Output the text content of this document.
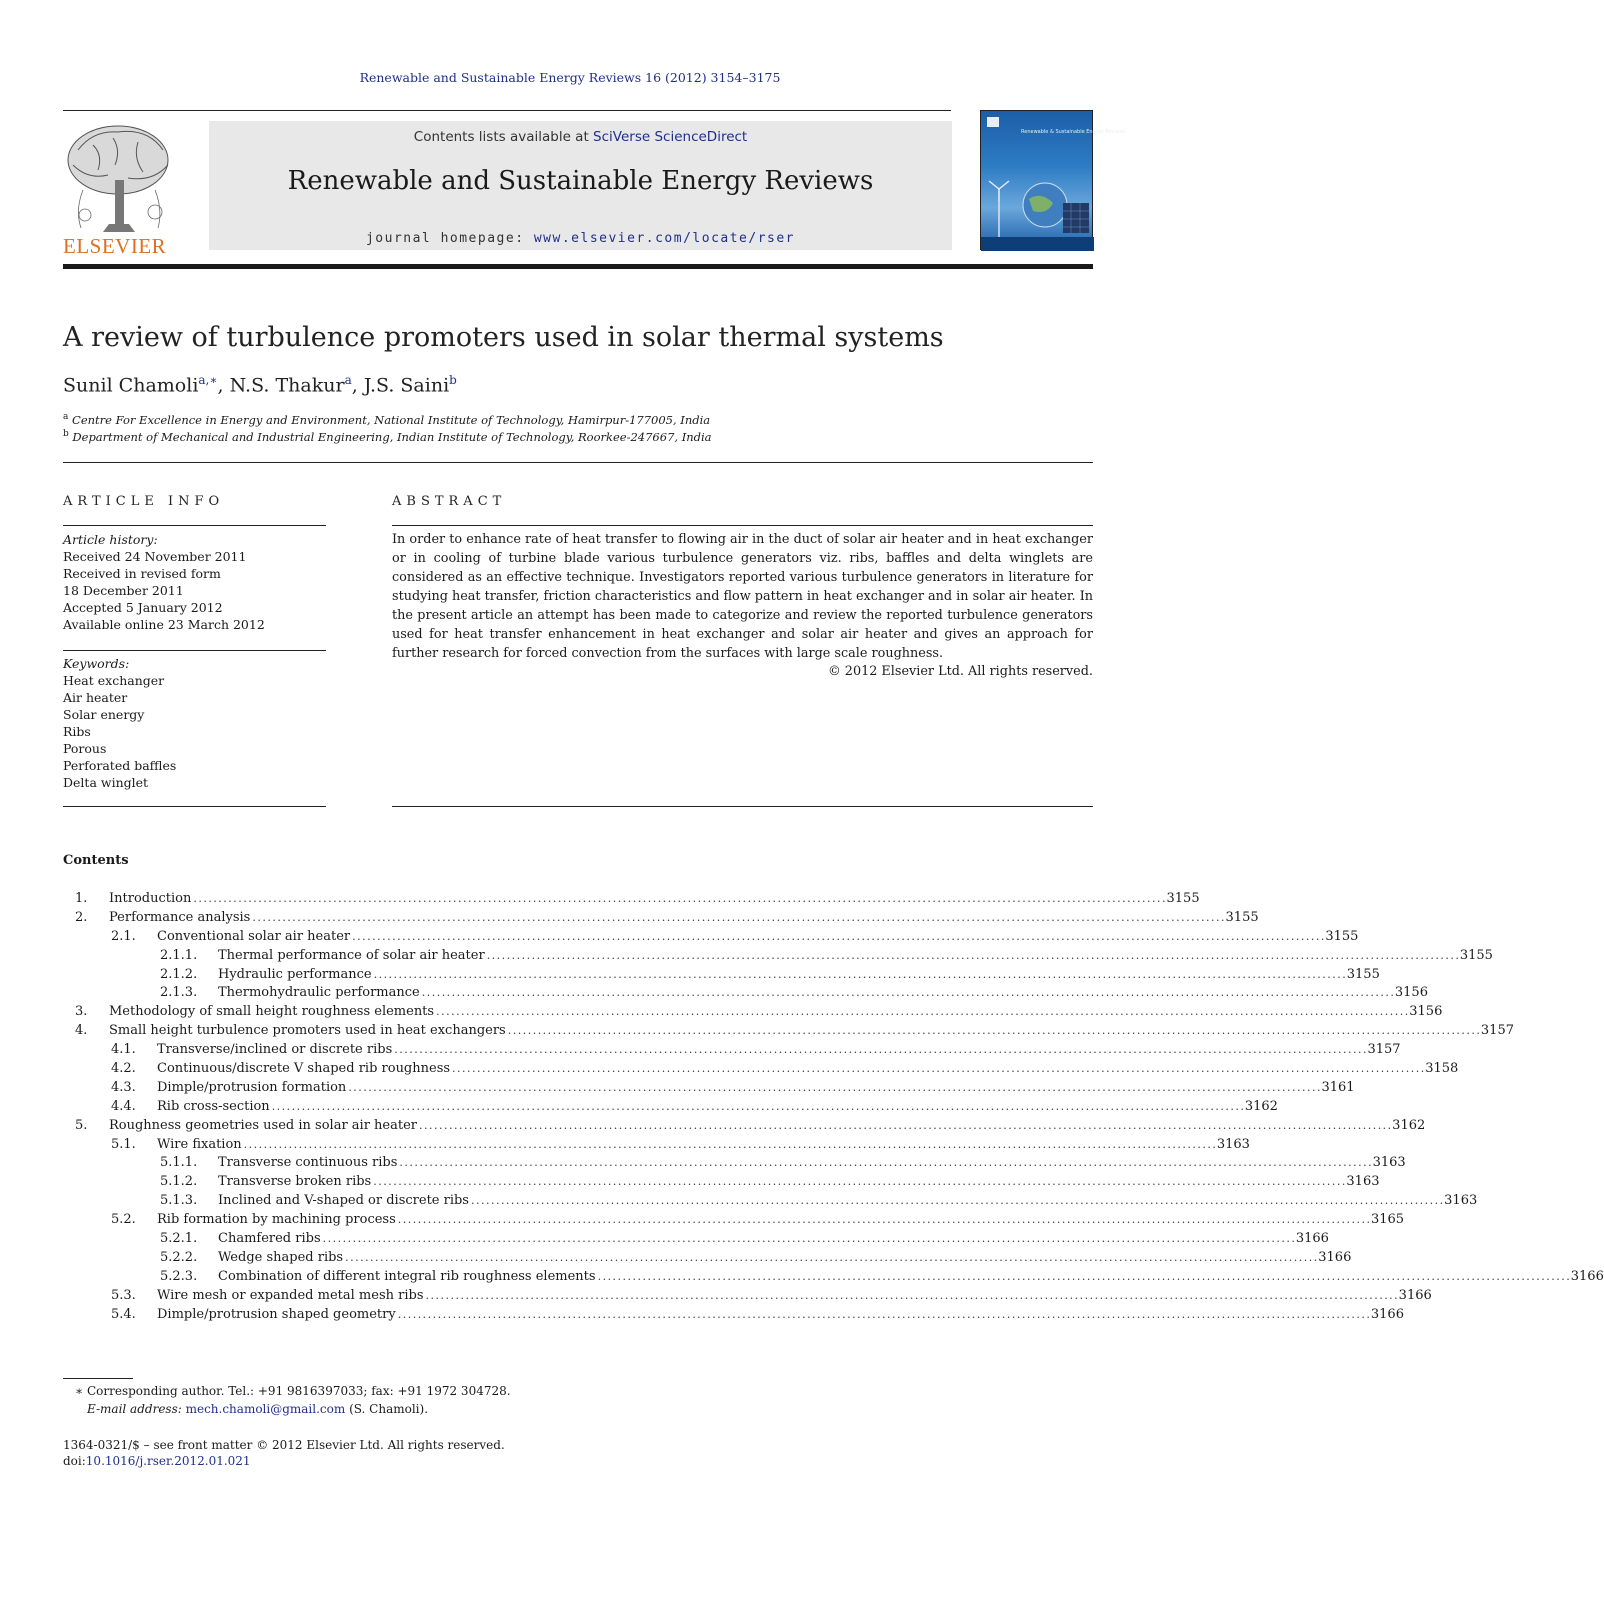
Renewable and Sustainable Energy Reviews 16 (2012) 3154–3175
ELSEVIER
Contents lists available at SciVerse ScienceDirect
Renewable and Sustainable Energy Reviews
journal homepage: www.elsevier.com/locate/rser
Renewable & Sustainable Energy Reviews
A review of turbulence promoters used in solar thermal systems
Sunil Chamoli$^{a,∗}$, N.S. Thakur$^a$, J.S. Saini$^b$
$^a$ Centre For Excellence in Energy and Environment, National Institute of Technology, Hamirpur-177005, India
$^b$ Department of Mechanical and Industrial Engineering, Indian Institute of Technology, Roorkee-247667, India
ARTICLE INFO	ABSTRACT
Article history:
Received 24 November 2011
Received in revised form
18 December 2011
Accepted 5 January 2012
Available online 23 March 2012
Keywords:
Heat exchanger
Air heater
Solar energy
Ribs
Porous
Perforated baffles
Delta winglet
In order to enhance rate of heat transfer to flowing air in the duct of solar air heater and in heat exchanger or in cooling of turbine blade various turbulence generators viz. ribs, baffles and delta winglets are considered as an effective technique. Investigators reported various turbulence generators in literature for studying heat transfer, friction characteristics and flow pattern in heat exchanger and in solar air heater. In the present article an attempt has been made to categorize and review the reported turbulence generators used for heat transfer enhancement in heat exchanger and solar air heater and gives an approach for further research for forced convection from the surfaces with large scale roughness.
© 2012 Elsevier Ltd. All rights reserved.
Contents
1.	Introduction . . .	3155
2.	Performance analysis . . .	3155
2.1.	Conventional solar air heater . . .	3155
2.1.1.	Thermal performance of solar air heater . . .	3155
2.1.2.	Hydraulic performance . . .	3155
2.1.3.	Thermohydraulic performance . . .	3156
3.	Methodology of small height roughness elements . . .	3156
4.	Small height turbulence promoters used in heat exchangers . . .	3157
4.1.	Transverse/inclined or discrete ribs . . .	3157
4.2.	Continuous/discrete V shaped rib roughness . . .	3158
4.3.	Dimple/protrusion formation . . .	3161
4.4.	Rib cross-section . . .	3162
5.	Roughness geometries used in solar air heater . . .	3162
5.1.	Wire fixation . . .	3163
5.1.1.	Transverse continuous ribs . . .	3163
5.1.2.	Transverse broken ribs . . .	3163
5.1.3.	Inclined and V-shaped or discrete ribs . . .	3163
5.2.	Rib formation by machining process . . .	3165
5.2.1.	Chamfered ribs . . .	3166
5.2.2.	Wedge shaped ribs . . .	3166
5.2.3.	Combination of different integral rib roughness elements . . .	3166
5.3.	Wire mesh or expanded metal mesh ribs . . .	3166
5.4.	Dimple/protrusion shaped geometry . . .	3166
∗ Corresponding author. Tel.: +91 9816397033; fax: +91 1972 304728.
E-mail address: mech.chamoli@gmail.com (S. Chamoli).
1364-0321/$ – see front matter © 2012 Elsevier Ltd. All rights reserved.
doi:10.1016/j.rser.2012.01.021
